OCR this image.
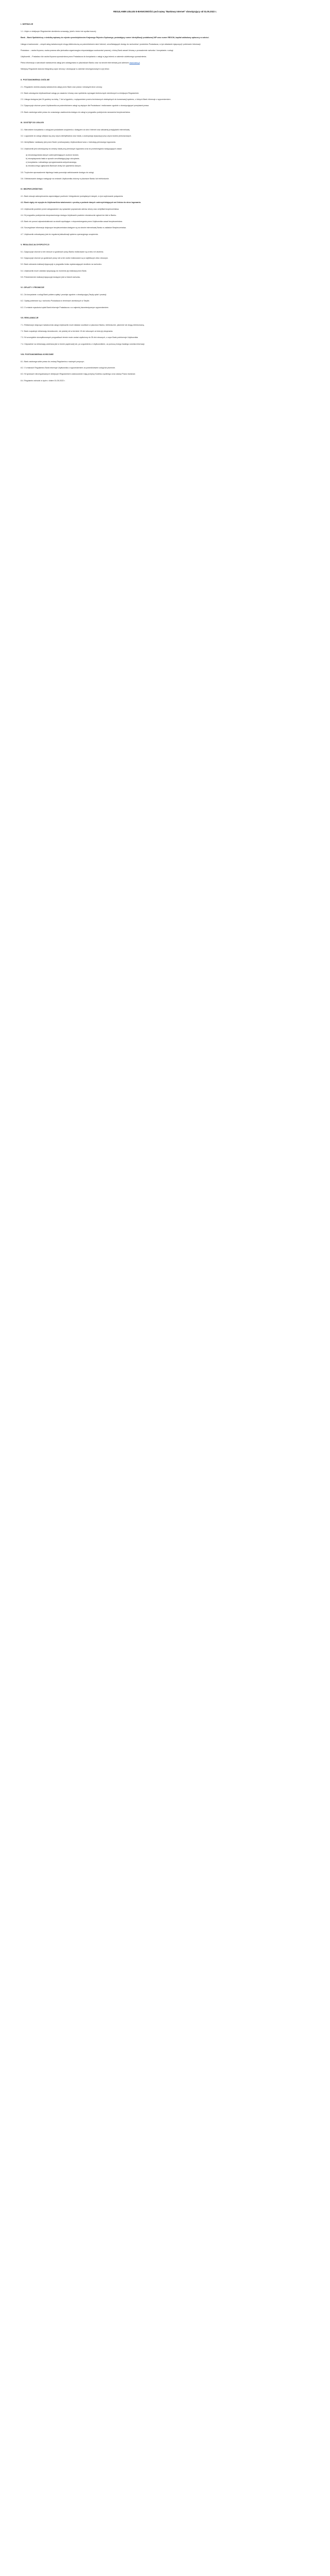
REGULAMIN USŁUGI E-BANKOWOŚCI pod nazwą "Bankowy Internet" obowiązujący od 01.05.2022 r.
I. DEFINICJE

1.1. Użyte w niniejszym Regulaminie określenia oznaczają, jeżeli z treści nie wynika inaczej:

Bank – Bank Spółdzielczy z siedzibą wpisany do rejestru przedsiębiorców Krajowego Rejestru Sądowego, posiadający numer identyfikacji podatkowej NIP oraz numer REGON, kapitał zakładowy opłacony w całości.

Usługa e-bankowości – zespół usług świadczonych drogą elektroniczną za pośrednictwem sieci Internet, umożliwiających dostęp do rachunków i produktów Posiadacza, w tym składanie dyspozycji i pobieranie informacji.

Posiadacz – osoba fizyczna, osoba prawna albo jednostka organizacyjna nieposiadająca osobowości prawnej, z którą Bank zawarł Umowę o prowadzenie rachunku i korzystanie z usługi.

Użytkownik – Posiadacz lub osoba fizyczna upoważniona przez Posiadacza do korzystania z usługi w jego imieniu w zakresie udzielonego upoważnienia.

Pełna informacja o warunkach świadczenia usługi jest udostępniana w placówkach Banku oraz na stronie internetowej pod adresem www.bank.pl.

Niniejszy Regulamin stanowi integralną część Umowy i obowiązuje w zakresie nieuregulowanym w jej treści.

II. POSTANOWIENIA OGÓLNE

2.1. Regulamin określa zasady świadczenia usługi przez Bank oraz prawa i obowiązki stron umowy.

2.2. Bank udostępnia Użytkownikowi usługę po zawarciu Umowy oraz spełnieniu wymagań technicznych określonych w niniejszym Regulaminie.

2.3. Usługa dostępna jest 24 godziny na dobę, 7 dni w tygodniu, z wyłączeniem przerw technicznych niezbędnych do konserwacji systemu, o których Bank informuje z wyprzedzeniem.

2.4. Dyspozycje złożone przez Użytkownika za pośrednictwem usługi są wiążące dla Posiadacza i realizowane zgodnie z obowiązującymi przepisami prawa.

2.5. Bank zastrzega sobie prawo do czasowego zawieszenia dostępu do usługi w przypadku podejrzenia naruszenia bezpieczeństwa.

III. DOSTĘP DO USŁUGI

3.1. Warunkiem korzystania z usługi jest posiadanie urządzenia z dostępem do sieci Internet oraz aktualnej przeglądarki internetowej.

3.2. Logowanie do usługi odbywa się przy użyciu identyfikatora oraz hasła, a autoryzacja dyspozycji przy użyciu kodów jednorazowych.

3.3. Identyfikator nadawany jest przez Bank i przekazywany Użytkownikowi wraz z instrukcją pierwszego logowania.

3.4. Użytkownik jest zobowiązany do zmiany hasła przy pierwszym logowaniu oraz do przestrzegania następujących zasad:

a) nieudostępniania danych uwierzytelniających osobom trzecim,
b) niezapisywania hasła w sposób umożliwiający jego odczytanie,
c) korzystania z aktualnego oprogramowania antywirusowego,
d) niezwłocznego zgłaszania Bankowi utraty lub ujawnienia danych.

3.5. Trzykrotne wprowadzenie błędnego hasła powoduje zablokowanie dostępu do usługi.

3.6. Odblokowanie dostępu następuje na wniosek Użytkownika złożony w placówce Banku lub telefonicznie.

IV. BEZPIECZEŃSTWO

4.1. Bank stosuje zabezpieczenia zapewniające poufność i integralność przesyłanych danych, w tym szyfrowanie połączenia.

4.2. Bank nigdy nie wysyła do Użytkowników wiadomości z prośbą o podanie danych uwierzytelniających ani linków do stron logowania.

4.3. Użytkownik powinien przed zalogowaniem się sprawdzić poprawność adresu strony oraz certyfikat bezpieczeństwa.

4.4. W przypadku podejrzenia nieuprawnionego dostępu Użytkownik powinien niezwłocznie zgłosić ten fakt w Banku.

4.5. Bank nie ponosi odpowiedzialności za skutki wynikające z nieprzestrzegania przez Użytkownika zasad bezpieczeństwa.

4.6. Szczegółowe informacje dotyczące bezpieczeństwa dostępne są na stronie internetowej Banku w zakładce Bezpieczeństwo.

4.7. Użytkownik zobowiązany jest do regularnej aktualizacji systemu operacyjnego urządzenia.

V. REALIZACJA DYSPOZYCJI

5.1. Dyspozycje złożone w dni robocze w godzinach pracy Banku realizowane są w dniu ich złożenia.

5.2. Dyspozycje złożone po godzinach pracy lub w dni wolne realizowane są w najbliższym dniu roboczym.

5.3. Bank odmawia realizacji dyspozycji w przypadku braku wystarczających środków na rachunku.

5.4. Użytkownik może odwołać dyspozycję do momentu jej realizacji przez Bank.

5.5. Potwierdzenie realizacji dyspozycji dostępne jest w historii rachunku.

VI. OPŁATY I PROWIZJE

6.1. Za korzystanie z usługi Bank pobiera opłaty i prowizje zgodnie z obowiązującą Taryfą opłat i prowizji.

6.2. Opłaty pobierane są z rachunku Posiadacza w terminach określonych w Taryfie.

6.3. O zmianie wysokości opłat Bank informuje Posiadacza z co najmniej dwumiesięcznym wyprzedzeniem.

VII. REKLAMACJE

7.1. Reklamacje dotyczące świadczenia usługi Użytkownik może składać osobiście w placówce Banku, telefonicznie, pisemnie lub drogą elektroniczną.

7.2. Bank rozpatruje reklamację niezwłocznie, nie później niż w terminie 15 dni roboczych od dnia jej otrzymania.

7.3. W szczególnie skomplikowanych przypadkach termin może zostać wydłużony do 35 dni roboczych, o czym Bank poinformuje Użytkownika.

7.4. Odpowiedź na reklamację udzielana jest w formie papierowej lub, po uzgodnieniu z Użytkownikiem, za pomocą innego trwałego nośnika informacji.

VIII. POSTANOWIENIA KOŃCOWE

8.1. Bank zastrzega sobie prawo do zmiany Regulaminu z ważnych przyczyn.

8.2. O zmianach Regulaminu Bank informuje Użytkownika z wyprzedzeniem za pośrednictwem usługi lub pisemnie.

8.3. W sprawach nieuregulowanych niniejszym Regulaminem zastosowanie mają przepisy Kodeksu cywilnego oraz ustawy Prawo bankowe.

8.4. Regulamin wchodzi w życie z dniem 01.05.2022 r.
